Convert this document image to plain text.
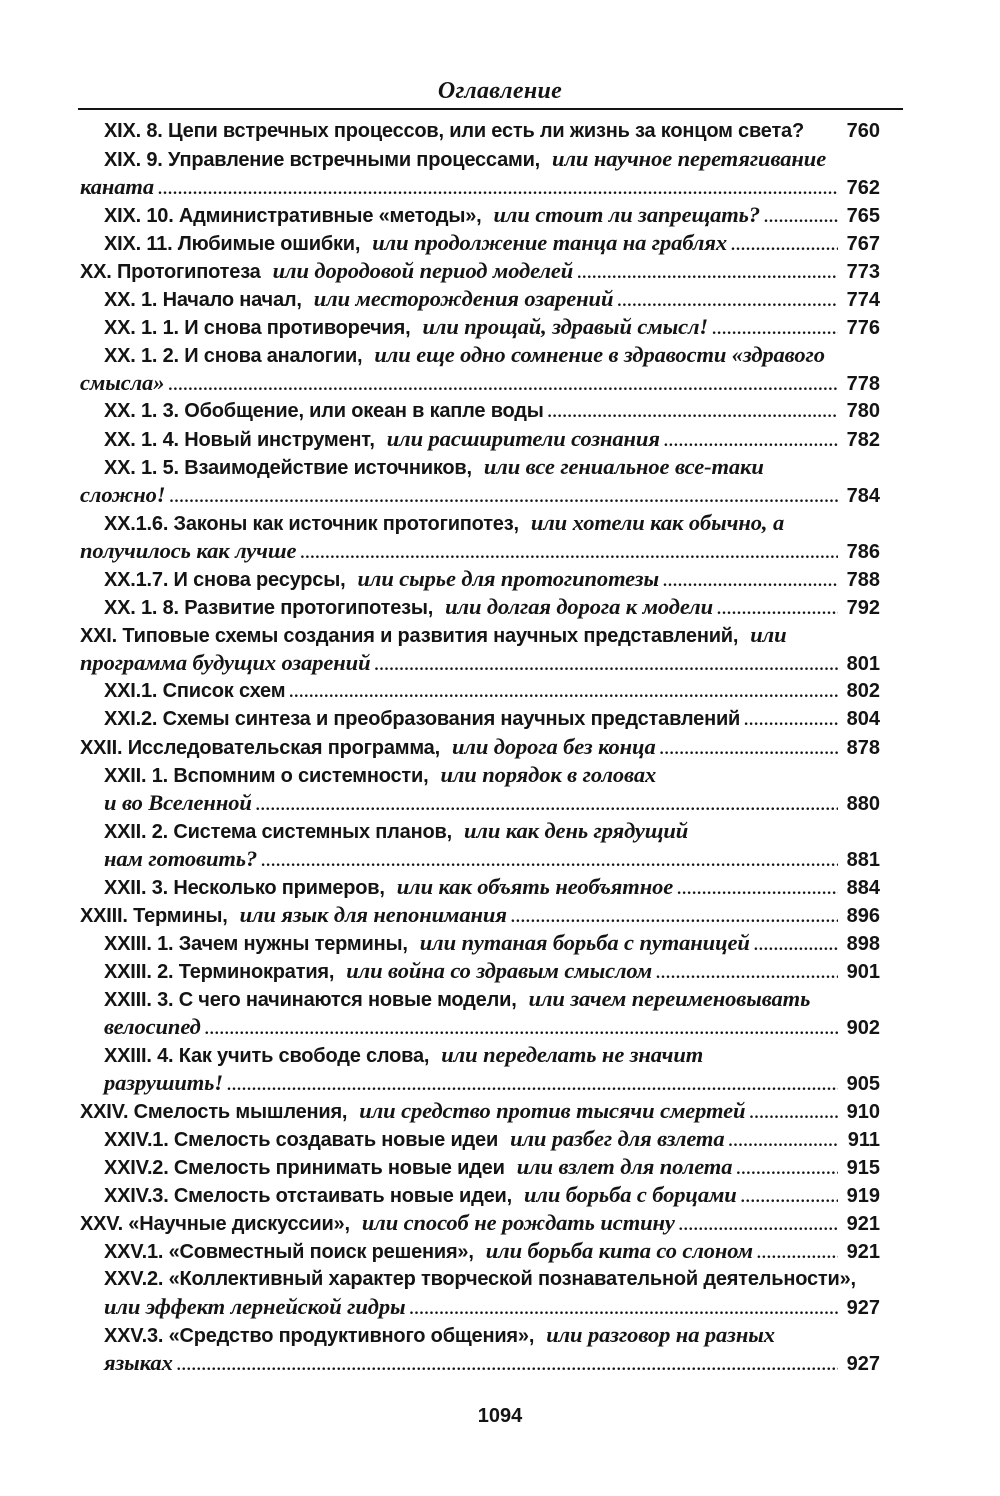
Оглавление
XIX. 8. Цепи встречных процессов, или есть ли жизнь за концом света? 760
XIX. 9. Управление встречными процессами, или научное перетягивание
каната .....	762
XIX. 10. Административные «методы», или стоит ли запрещать? .....	765
XIX. 11. Любимые ошибки, или продолжение танца на граблях .....	767
XX. Протогипотеза или дородовой период моделей .....	773
XX. 1. Начало начал, или месторождения озарений .....	774
XX. 1. 1. И снова противоречия, или прощай, здравый смысл! .....	776
XX. 1. 2. И снова аналогии, или еще одно сомнение в здравости «здравого
смысла» .....	778
XX. 1. 3. Обобщение, или океан в капле воды .....	780
XX. 1. 4. Новый инструмент, или расширители сознания .....	782
XX. 1. 5. Взаимодействие источников, или все гениальное все-таки
сложно! .....	784
XX.1.6. Законы как источник протогипотез, или хотели как обычно, а
получилось как лучше .....	786
XX.1.7. И снова ресурсы, или сырье для протогипотезы .....	788
XX. 1. 8. Развитие протогипотезы, или долгая дорога к модели .....	792
XXI. Типовые схемы создания и развития научных представлений, или
программа будущих озарений .....	801
XXI.1. Список схем .....	802
XXI.2. Схемы синтеза и преобразования научных представлений .....	804
XXII. Исследовательская программа, или дорога без конца .....	878
XXII. 1. Вспомним о системности, или порядок в головах
и во Вселенной .....	880
XXII. 2. Система системных планов, или как день грядущий
нам готовить? .....	881
XXII. 3. Несколько примеров, или как объять необъятное .....	884
XXIII. Термины, или язык для непонимания .....	896
XXIII. 1. Зачем нужны термины, или путаная борьба с путаницей .....	898
XXIII. 2. Терминократия, или война со здравым смыслом .....	901
XXIII. 3. С чего начинаются новые модели, или зачем переименовывать
велосипед .....	902
XXIII. 4. Как учить свободе слова, или переделать не значит
разрушить! .....	905
XXIV. Смелость мышления, или средство против тысячи смертей .....	910
XXIV.1. Смелость создавать новые идеи или разбег для взлета .....	911
XXIV.2. Смелость принимать новые идеи или взлет для полета .....	915
XXIV.3. Смелость отстаивать новые идеи, или борьба с борцами .....	919
XXV. «Научные дискуссии», или способ не рождать истину .....	921
XXV.1. «Совместный поиск решения», или борьба кита со слоном .....	921
XXV.2. «Коллективный характер творческой познавательной деятельности»,
или эффект лернейской гидры .....	927
XXV.3. «Средство продуктивного общения», или разговор на разных
языках .....	927
1094
